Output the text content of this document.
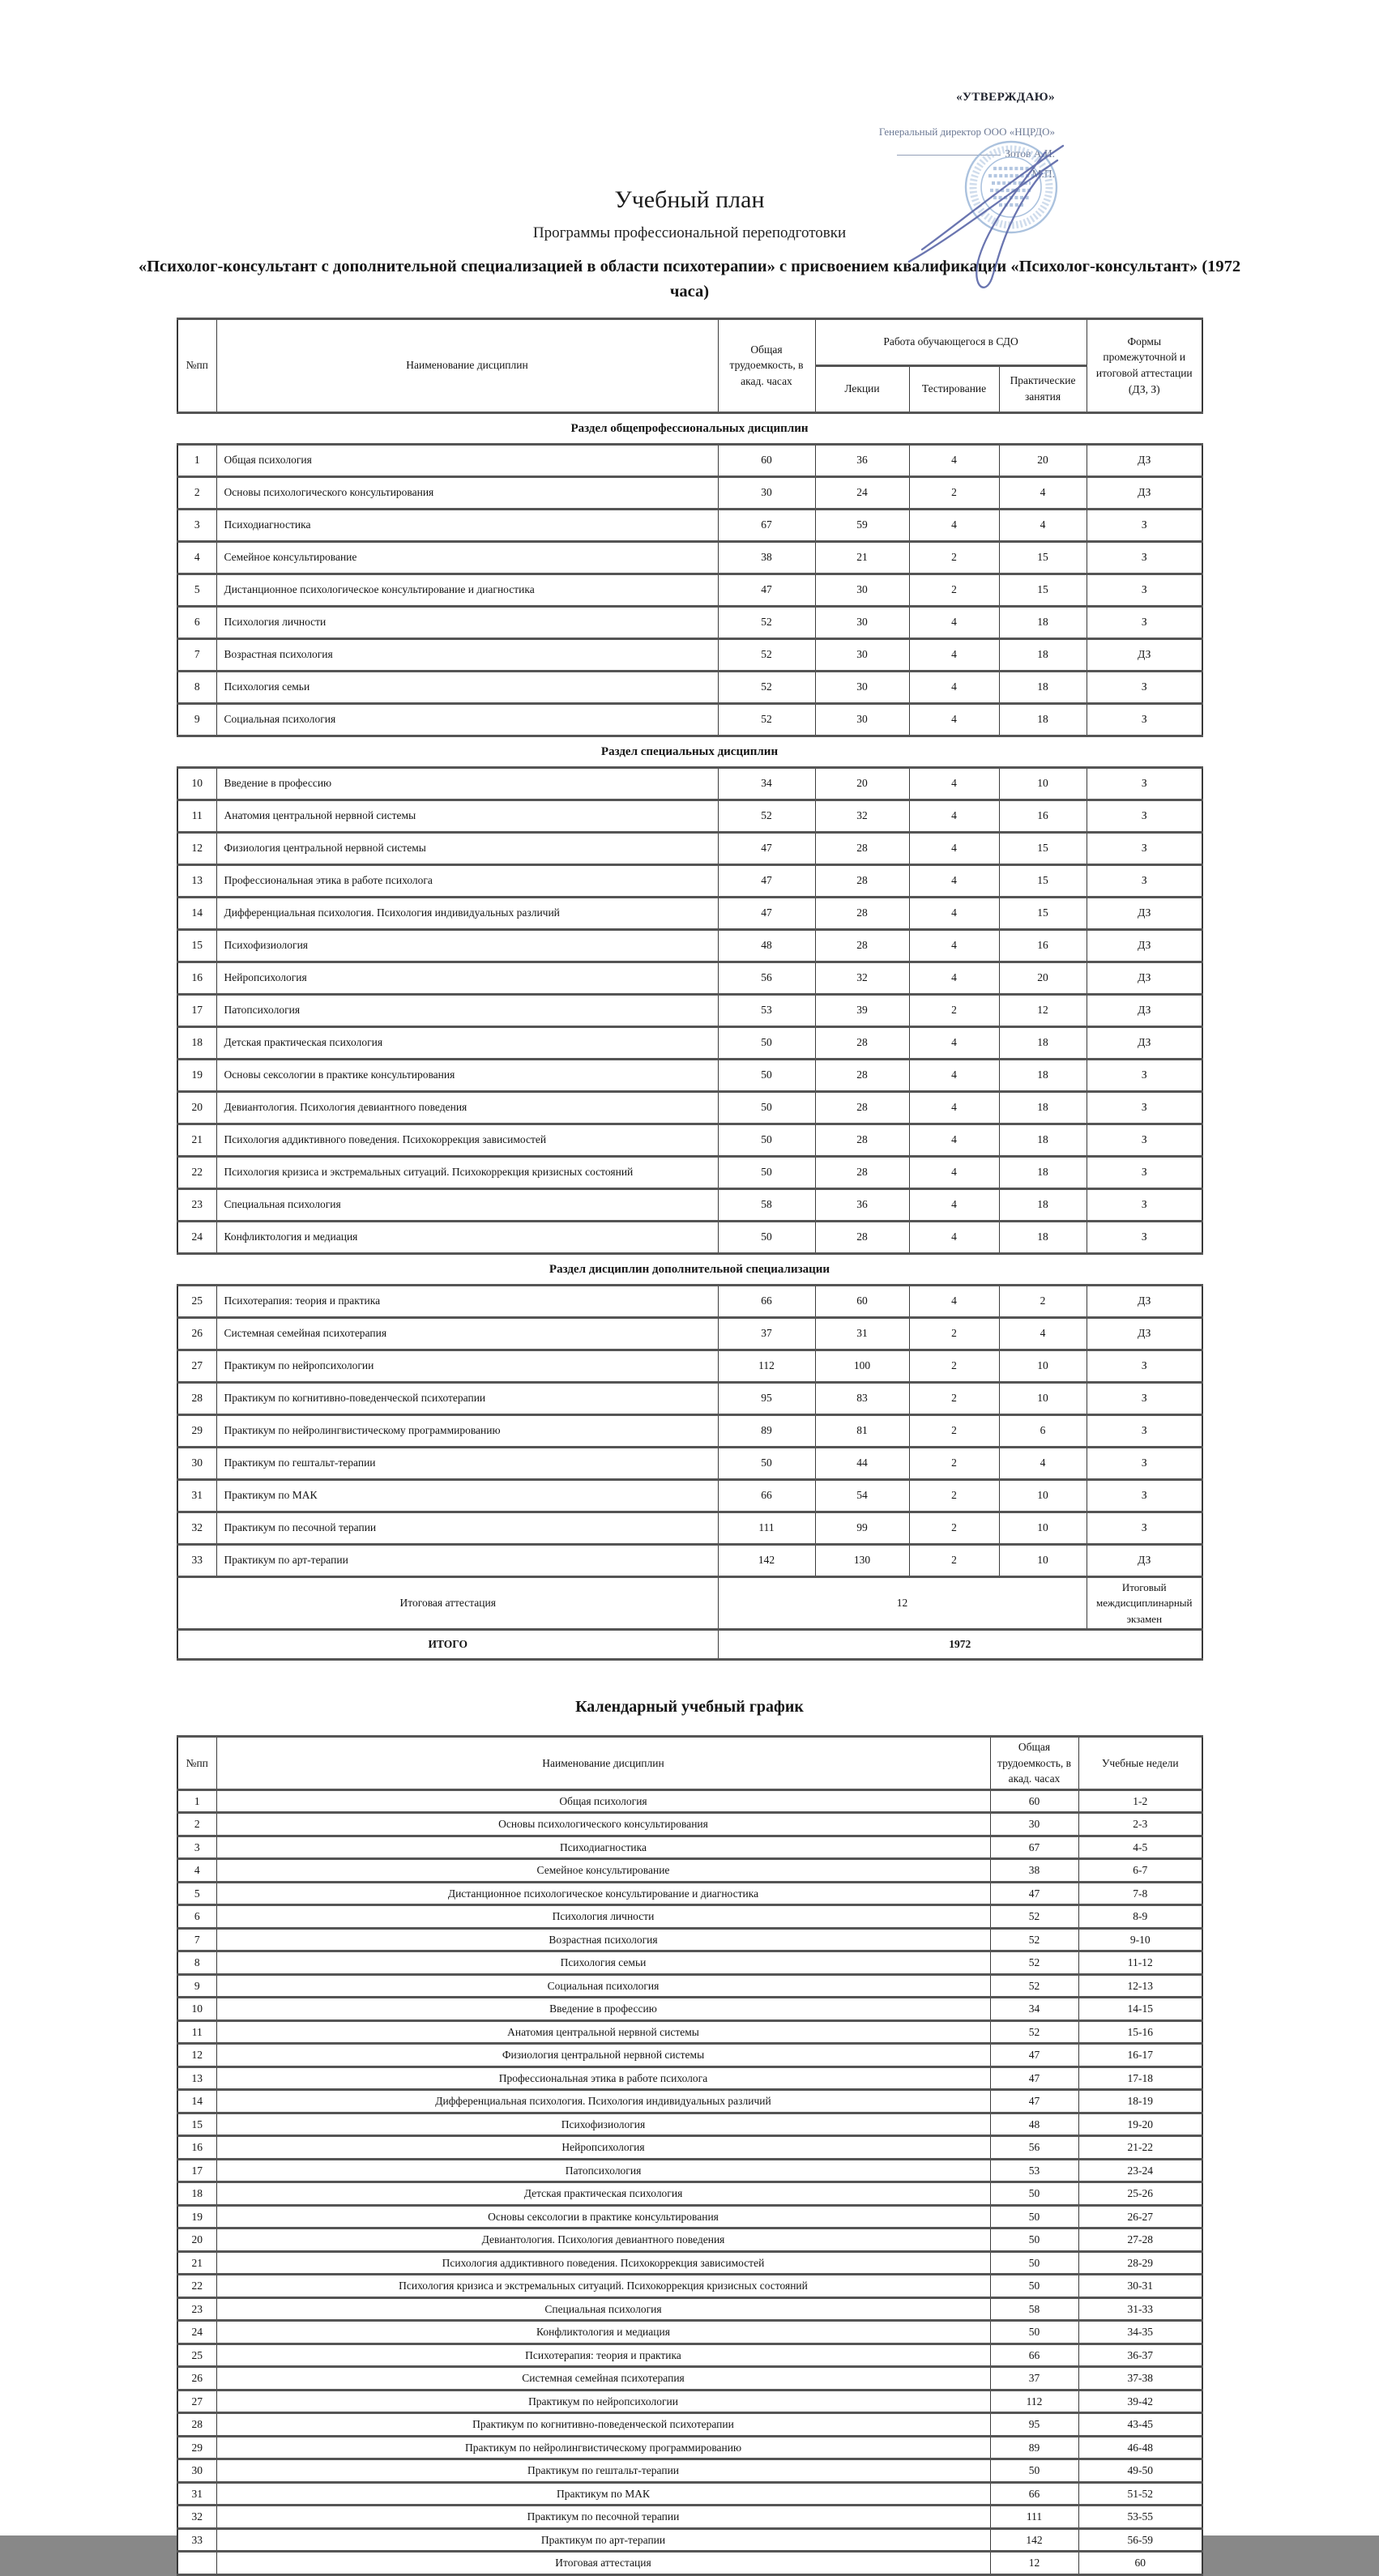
«УТВЕРЖДАЮ»
Генеральный директор ООО «НЦРДО»
Зотов А.И.
М.П.
Учебный план
Программы профессиональной переподготовки
«Психолог-консультант с дополнительной специализацией в области психотерапии» с присвоением квалификации «Психолог-консультант» (1972 часа)
№пп	Наименование дисциплин	Общая трудоемкость, в акад. часах	Работа обучающегося в СДО			Формы промежуточной и итоговой аттестации (ДЗ, З)
			Лекции	Тестирование	Практические занятия	
Раздел общепрофессиональных дисциплин
1	Общая психология	60	36	4	20	ДЗ
2	Основы психологического консультирования	30	24	2	4	ДЗ
3	Психодиагностика	67	59	4	4	З
4	Семейное консультирование	38	21	2	15	З
5	Дистанционное психологическое консультирование и диагностика	47	30	2	15	З
6	Психология личности	52	30	4	18	З
7	Возрастная психология	52	30	4	18	ДЗ
8	Психология семьи	52	30	4	18	З
9	Социальная психология	52	30	4	18	З
Раздел специальных дисциплин
10	Введение в профессию	34	20	4	10	З
11	Анатомия центральной нервной системы	52	32	4	16	З
12	Физиология центральной нервной системы	47	28	4	15	З
13	Профессиональная этика в работе психолога	47	28	4	15	З
14	Дифференциальная психология. Психология индивидуальных различий	47	28	4	15	ДЗ
15	Психофизиология	48	28	4	16	ДЗ
16	Нейропсихология	56	32	4	20	ДЗ
17	Патопсихология	53	39	2	12	ДЗ
18	Детская практическая психология	50	28	4	18	ДЗ
19	Основы сексологии в практике консультирования	50	28	4	18	З
20	Девиантология. Психология девиантного поведения	50	28	4	18	З
21	Психология аддиктивного поведения. Психокоррекция зависимостей	50	28	4	18	З
22	Психология кризиса и экстремальных ситуаций. Психокоррекция кризисных состояний	50	28	4	18	З
23	Специальная психология	58	36	4	18	З
24	Конфликтология и медиация	50	28	4	18	З
Раздел дисциплин дополнительной специализации
25	Психотерапия: теория и практика	66	60	4	2	ДЗ
26	Системная семейная психотерапия	37	31	2	4	ДЗ
27	Практикум по нейропсихологии	112	100	2	10	З
28	Практикум по когнитивно-поведенческой психотерапии	95	83	2	10	З
29	Практикум по нейролингвистическому программированию	89	81	2	6	З
30	Практикум по гештальт-терапии	50	44	2	4	З
31	Практикум по МАК	66	54	2	10	З
32	Практикум по песочной терапии	111	99	2	10	З
33	Практикум по арт-терапии	142	130	2	10	ДЗ
Итоговая аттестация		12				Итоговый междисциплинарный экзамен
ИТОГО		1972				
Календарный учебный график
№пп	Наименование дисциплин	Общая трудоемкость, в акад. часах	Учебные недели
1	Общая психология	60	1-2
2	Основы психологического консультирования	30	2-3
3	Психодиагностика	67	4-5
4	Семейное консультирование	38	6-7
5	Дистанционное психологическое консультирование и диагностика	47	7-8
6	Психология личности	52	8-9
7	Возрастная психология	52	9-10
8	Психология семьи	52	11-12
9	Социальная психология	52	12-13
10	Введение в профессию	34	14-15
11	Анатомия центральной нервной системы	52	15-16
12	Физиология центральной нервной системы	47	16-17
13	Профессиональная этика в работе психолога	47	17-18
14	Дифференциальная психология. Психология индивидуальных различий	47	18-19
15	Психофизиология	48	19-20
16	Нейропсихология	56	21-22
17	Патопсихология	53	23-24
18	Детская практическая психология	50	25-26
19	Основы сексологии в практике консультирования	50	26-27
20	Девиантология. Психология девиантного поведения	50	27-28
21	Психология аддиктивного поведения. Психокоррекция зависимостей	50	28-29
22	Психология кризиса и экстремальных ситуаций. Психокоррекция кризисных состояний	50	30-31
23	Специальная психология	58	31-33
24	Конфликтология и медиация	50	34-35
25	Психотерапия: теория и практика	66	36-37
26	Системная семейная психотерапия	37	37-38
27	Практикум по нейропсихологии	112	39-42
28	Практикум по когнитивно-поведенческой психотерапии	95	43-45
29	Практикум по нейролингвистическому программированию	89	46-48
30	Практикум по гештальт-терапии	50	49-50
31	Практикум по МАК	66	51-52
32	Практикум по песочной терапии	111	53-55
33	Практикум по арт-терапии	142	56-59
	Итоговая аттестация	12	60
